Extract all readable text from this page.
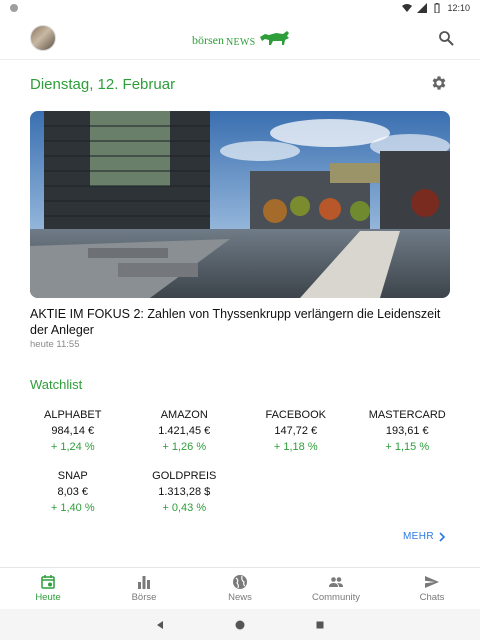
12:10
börsen NEWS
Dienstag, 12. Februar
AKTIE IM FOKUS 2: Zahlen von Thyssenkrupp verlängern die Leidenszeit der Anleger
heute 11:55
Watchlist
ALPHABET
984,14 €
+ 1,24 %
AMAZON
1.421,45 €
+ 1,26 %
FACEBOOK
147,72 €
+ 1,18 %
MASTERCARD
193,61 €
+ 1,15 %
SNAP
8,03 €
+ 1,40 %
GOLDPREIS
1.313,28 $
+ 0,43 %
MEHR
Heute	Börse	News	Community	Chats
